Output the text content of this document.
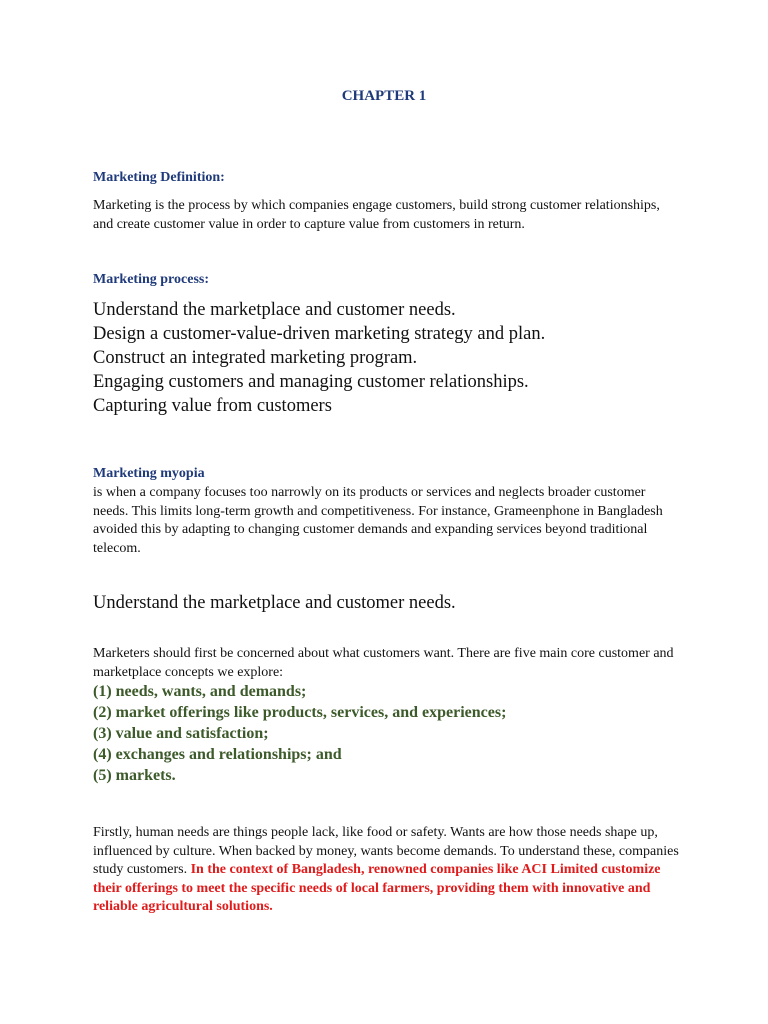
CHAPTER 1
Marketing Definition:
Marketing is the process by which companies engage customers, build strong customer relationships, and create customer value in order to capture value from customers in return.
Marketing process:
Understand the marketplace and customer needs.
Design a customer-value-driven marketing strategy and plan.
Construct an integrated marketing program.
Engaging customers and managing customer relationships.
Capturing value from customers
Marketing myopia
is when a company focuses too narrowly on its products or services and neglects broader customer needs. This limits long-term growth and competitiveness. For instance, Grameenphone in Bangladesh avoided this by adapting to changing customer demands and expanding services beyond traditional telecom.
Understand the marketplace and customer needs.
Marketers should first be concerned about what customers want. There are five main core customer and marketplace concepts we explore:
(1) needs, wants, and demands;
(2) market offerings like products, services, and experiences;
(3) value and satisfaction;
(4) exchanges and relationships; and
(5) markets.
Firstly, human needs are things people lack, like food or safety. Wants are how those needs shape up, influenced by culture. When backed by money, wants become demands. To understand these, companies study customers. In the context of Bangladesh, renowned companies like ACI Limited customize their offerings to meet the specific needs of local farmers, providing them with innovative and reliable agricultural solutions.
